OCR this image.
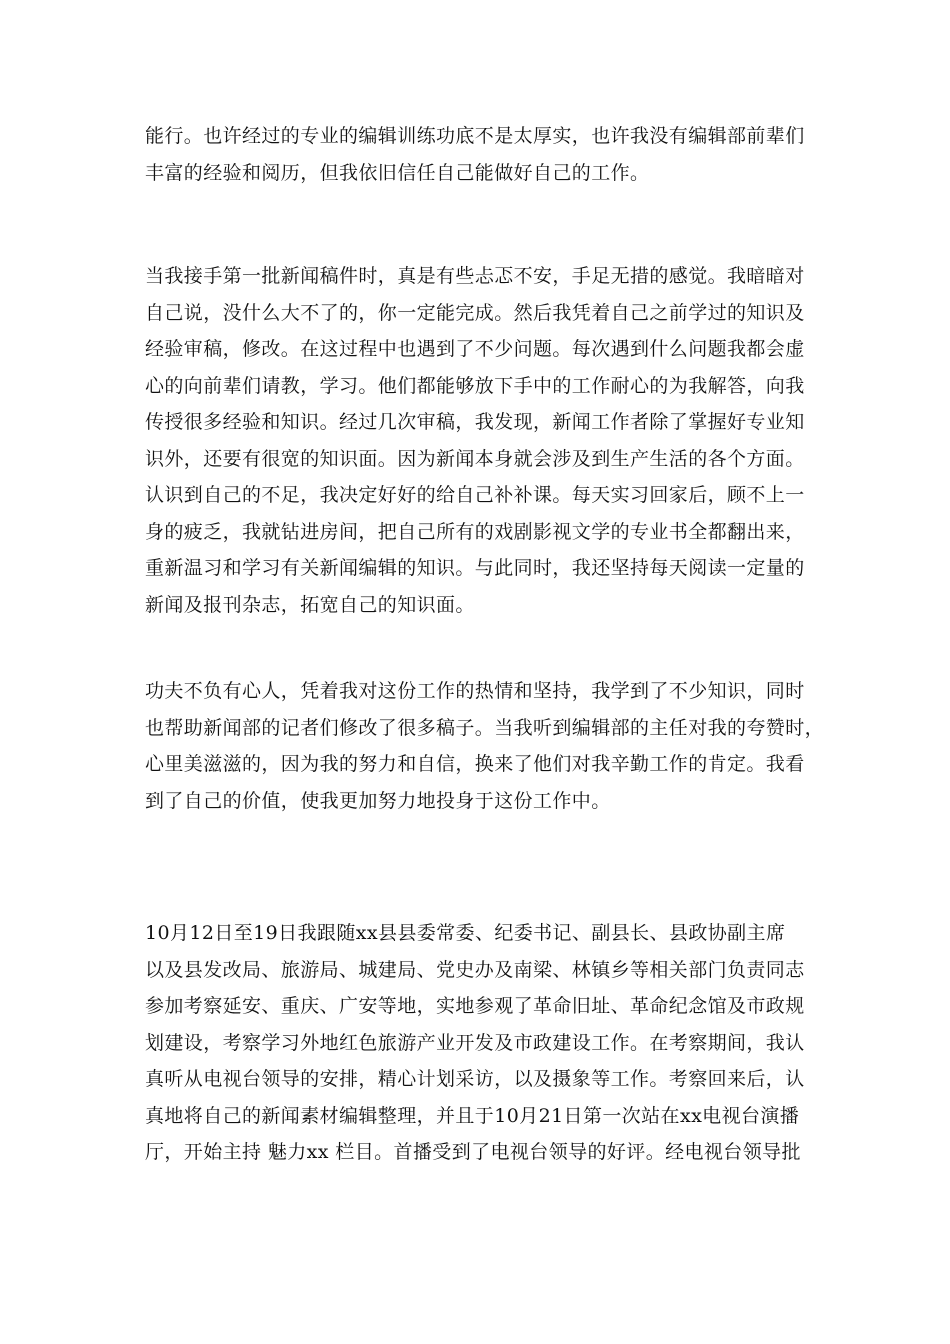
能行。也许经过的专业的编辑训练功底不是太厚实，也许我没有编辑部前辈们
丰富的经验和阅历，但我依旧信任自己能做好自己的工作。

当我接手第一批新闻稿件时，真是有些忐忑不安，手足无措的感觉。我暗暗对
自己说，没什么大不了的，你一定能完成。然后我凭着自己之前学过的知识及
经验审稿，修改。在这过程中也遇到了不少问题。每次遇到什么问题我都会虚
心的向前辈们请教，学习。他们都能够放下手中的工作耐心的为我解答，向我
传授很多经验和知识。经过几次审稿，我发现，新闻工作者除了掌握好专业知
识外，还要有很宽的知识面。因为新闻本身就会涉及到生产生活的各个方面。
认识到自己的不足，我决定好好的给自己补补课。每天实习回家后，顾不上一
身的疲乏，我就钻进房间，把自己所有的戏剧影视文学的专业书全都翻出来，
重新温习和学习有关新闻编辑的知识。与此同时，我还坚持每天阅读一定量的
新闻及报刊杂志，拓宽自己的知识面。

功夫不负有心人，凭着我对这份工作的热情和坚持，我学到了不少知识，同时
也帮助新闻部的记者们修改了很多稿子。当我听到编辑部的主任对我的夸赞时，
心里美滋滋的，因为我的努力和自信，换来了他们对我辛勤工作的肯定。我看
到了自己的价值，使我更加努力地投身于这份工作中。

10月12日至19日我跟随xx县县委常委、纪委书记、副县长、县政协副主席
以及县发改局、旅游局、城建局、党史办及南梁、林镇乡等相关部门负责同志
参加考察延安、重庆、广安等地，实地参观了革命旧址、革命纪念馆及市政规
划建设，考察学习外地红色旅游产业开发及市政建设工作。在考察期间，我认
真听从电视台领导的安排，精心计划采访，以及摄象等工作。考察回来后，认
真地将自己的新闻素材编辑整理，并且于10月21日第一次站在xx电视台演播
厅，开始主持 魅力xx 栏目。首播受到了电视台领导的好评。经电视台领导批
